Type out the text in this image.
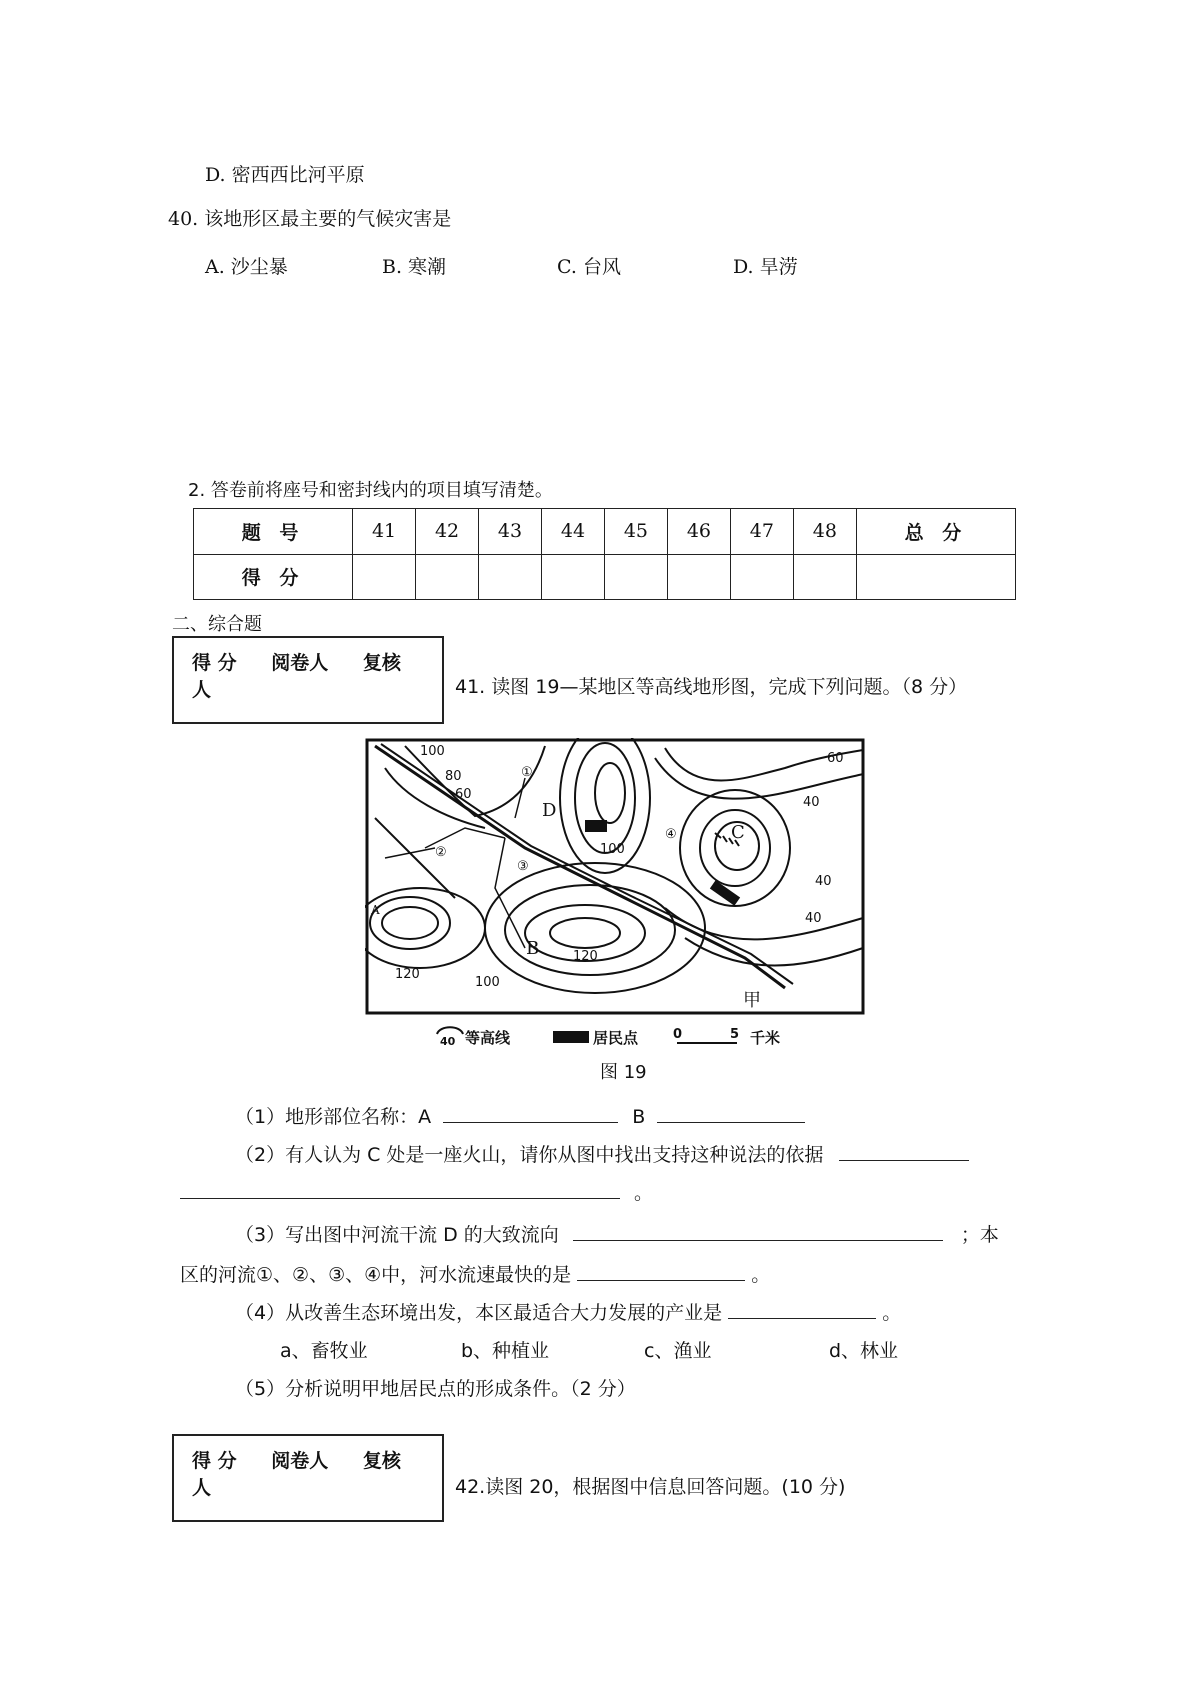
D. 密西西比河平原
40. 该地形区最主要的气候灾害是
A. 沙尘暴	B. 寒潮	C. 台风	D. 旱涝
2. 答卷前将座号和密封线内的项目填写清楚。
题 号	41	42	43	44	45	46	47	48	总 分
得 分									
二、综合题
得 分 阅卷人 复核人	41. 读图 19—某地区等高线地形图，完成下列问题。（8 分）
100
80
60
100
60
40
40
40
120
100
120
A
B
C
D
甲
①
②
③
④
40 等高线	居民点	0	5 千米
图 19
（1）地形部位名称：A	B
（2）有人认为 C 处是一座火山，请你从图中找出支持这种说法的依据
。
（3）写出图中河流干流 D 的大致流向	；本
区的河流①、②、③、④中，河水流速最快的是	。
（4）从改善生态环境出发，本区最适合大力发展的产业是	。
a、畜牧业	b、种植业	c、渔业	d、林业
（5）分析说明甲地居民点的形成条件。（2 分）
得 分 阅卷人 复核人	42.读图 20，根据图中信息回答问题。(10 分)
